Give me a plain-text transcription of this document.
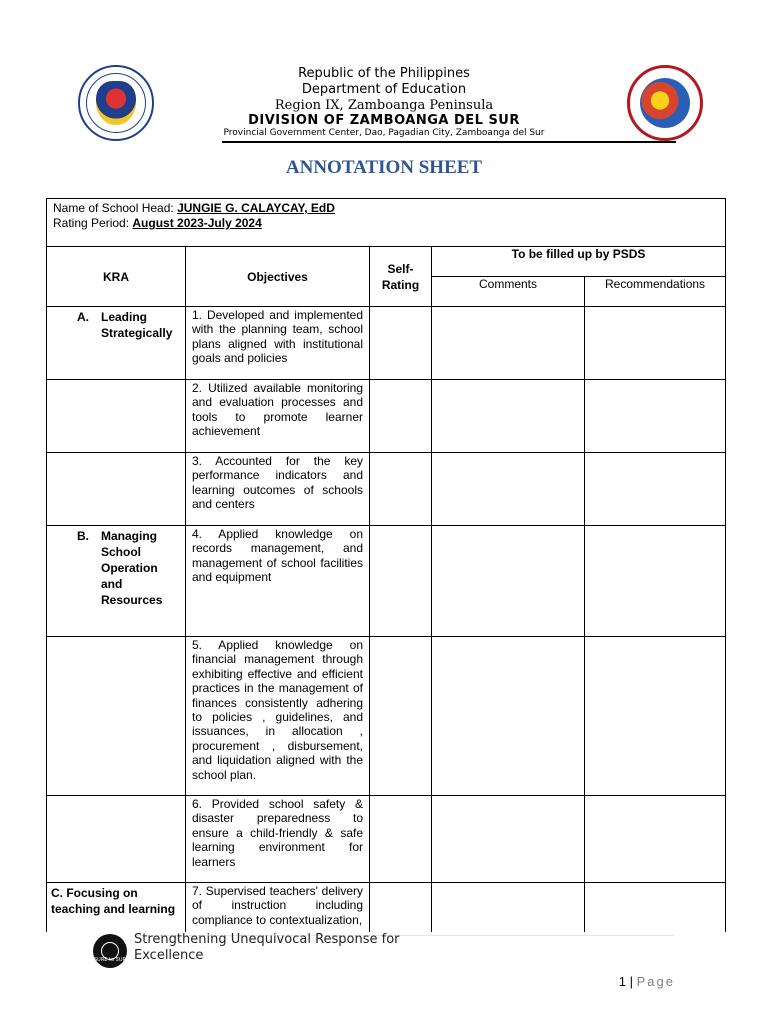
Republic of the Philippines
Department of Education
Region IX, Zamboanga Peninsula
DIVISION OF ZAMBOANGA DEL SUR
Provincial Government Center, Dao, Pagadian City, Zamboanga del Sur
ANNOTATION SHEET
Name of School Head: JUNGIE G. CALAYCAY, EdD
Rating Period: August 2023-July 2024				

KRA	Objectives	Self-Rating	To be filled up by PSDS	
			Comments	Recommendations

A. Leading Strategically	1. Developed and implemented with the planning team, school plans aligned with institutional goals and policies			
	2. Utilized available monitoring and evaluation processes and tools to promote learner achievement			
	3. Accounted for the key performance indicators and learning outcomes of schools and centers			

B. Managing School Operation and Resources	4. Applied knowledge on records management, and management of school facilities and equipment			
	5. Applied knowledge on financial management through exhibiting effective and efficient practices in the management of finances consistently adhering to policies , guidelines, and issuances, in allocation , procurement , disbursement, and liquidation aligned with the school plan.			
	6. Provided school safety & disaster preparedness to ensure a child-friendly & safe learning environment for learners			
C. Focusing on teaching and learning	7. Supervised teachers' delivery of instruction including compliance to contextualization,			
SURE to SUR
Strengthening Unequivocal Response for Excellence
1 | Page
